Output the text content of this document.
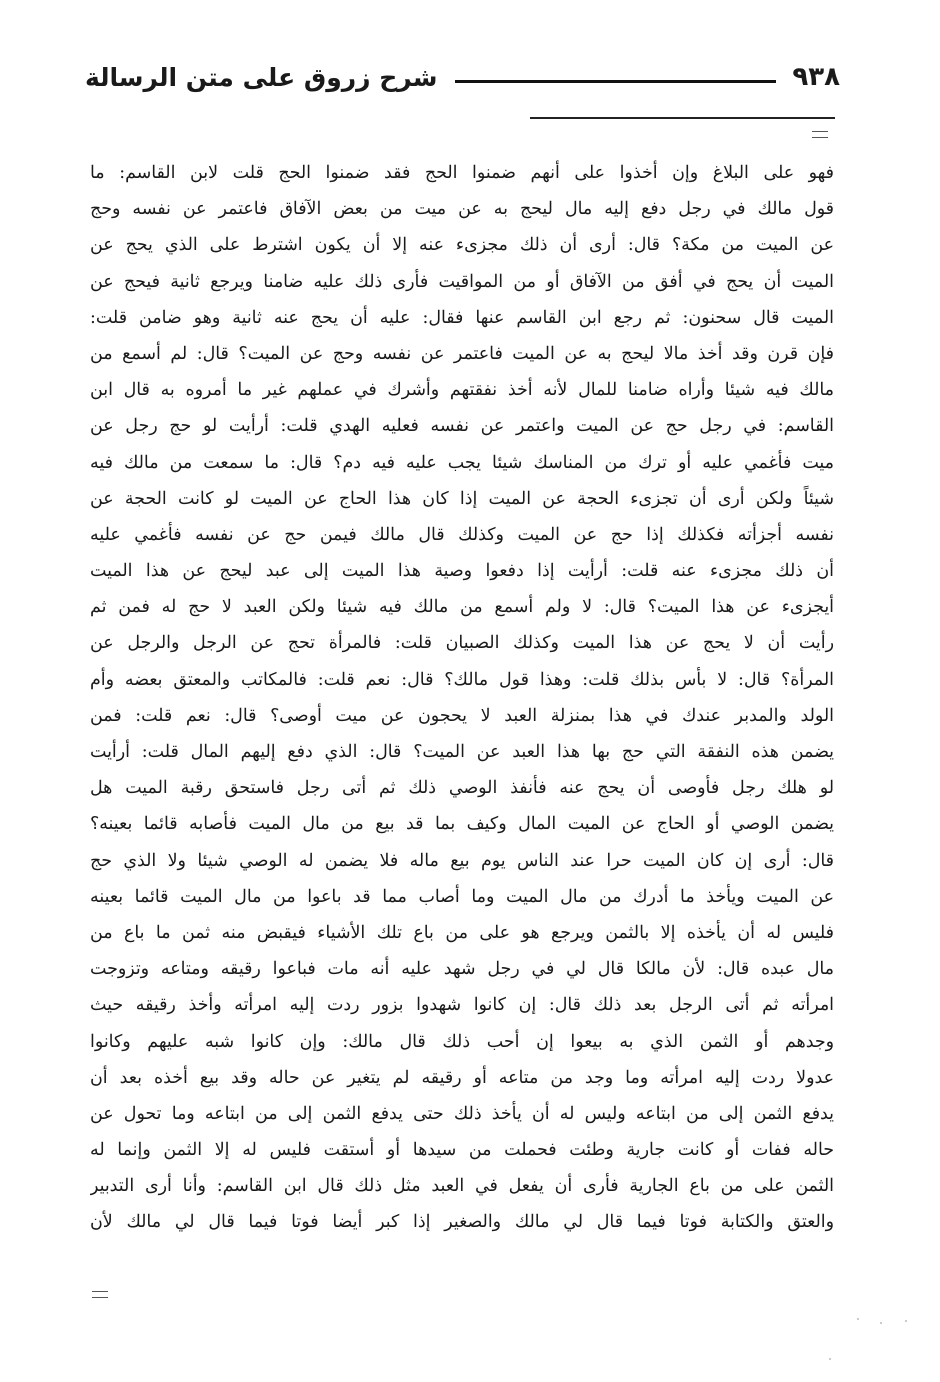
شرح زروق على متن الرسالة	٩٣٨
فهو على البلاغ وإن أخذوا على أنهم ضمنوا الحج فقد ضمنوا الحج قلت لابن القاسم: ما
قول مالك في رجل دفع إليه مال ليحج به عن ميت من بعض الآفاق فاعتمر عن نفسه وحج
عن الميت من مكة؟ قال: أرى أن ذلك مجزىء عنه إلا أن يكون اشترط على الذي يحج عن
الميت أن يحج في أفق من الآفاق أو من المواقيت فأرى ذلك عليه ضامنا ويرجع ثانية فيحج عن
الميت قال سحنون: ثم رجع ابن القاسم عنها فقال: عليه أن يحج عنه ثانية وهو ضامن قلت:
فإن قرن وقد أخذ مالا ليحج به عن الميت فاعتمر عن نفسه وحج عن الميت؟ قال: لم أسمع من
مالك فيه شيئا وأراه ضامنا للمال لأنه أخذ نفقتهم وأشرك في عملهم غير ما أمروه به قال ابن
القاسم: في رجل حج عن الميت واعتمر عن نفسه فعليه الهدي قلت: أرأيت لو حج رجل عن
ميت فأغمي عليه أو ترك من المناسك شيئا يجب عليه فيه دم؟ قال: ما سمعت من مالك فيه
شيئاً ولكن أرى أن تجزىء الحجة عن الميت إذا كان هذا الحاج عن الميت لو كانت الحجة عن
نفسه أجزأته فكذلك إذا حج عن الميت وكذلك قال مالك فيمن حج عن نفسه فأغمي عليه
أن ذلك مجزىء عنه قلت: أرأيت إذا دفعوا وصية هذا الميت إلى عبد ليحج عن هذا الميت
أيجزىء عن هذا الميت؟ قال: لا ولم أسمع من مالك فيه شيئا ولكن العبد لا حج له فمن ثم
رأيت أن لا يحج عن هذا الميت وكذلك الصبيان قلت: فالمرأة تحج عن الرجل والرجل عن
المرأة؟ قال: لا بأس بذلك قلت: وهذا قول مالك؟ قال: نعم قلت: فالمكاتب والمعتق بعضه وأم
الولد والمدبر عندك في هذا بمنزلة العبد لا يحجون عن ميت أوصى؟ قال: نعم قلت: فمن
يضمن هذه النفقة التي حج بها هذا العبد عن الميت؟ قال: الذي دفع إليهم المال قلت: أرأيت
لو هلك رجل فأوصى أن يحج عنه فأنفذ الوصي ذلك ثم أتى رجل فاستحق رقبة الميت هل
يضمن الوصي أو الحاج عن الميت المال وكيف بما قد بيع من مال الميت فأصابه قائما بعينه؟
قال: أرى إن كان الميت حرا عند الناس يوم بيع ماله فلا يضمن له الوصي شيئا ولا الذي حج
عن الميت ويأخذ ما أدرك من مال الميت وما أصاب مما قد باعوا من مال الميت قائما بعينه
فليس له أن يأخذه إلا بالثمن ويرجع هو على من باع تلك الأشياء فيقبض منه ثمن ما باع من
مال عبده قال: لأن مالكا قال لي في رجل شهد عليه أنه مات فباعوا رقيقه ومتاعه وتزوجت
امرأته ثم أتى الرجل بعد ذلك قال: إن كانوا شهدوا بزور ردت إليه امرأته وأخذ رقيقه حيث
وجدهم أو الثمن الذي به بيعوا إن أحب ذلك قال مالك: وإن كانوا شبه عليهم وكانوا
عدولا ردت إليه امرأته وما وجد من متاعه أو رقيقه لم يتغير عن حاله وقد بيع أخذه بعد أن
يدفع الثمن إلى من ابتاعه وليس له أن يأخذ ذلك حتى يدفع الثمن إلى من ابتاعه وما تحول عن
حاله ففات أو كانت جارية وطئت فحملت من سيدها أو أستقت فليس له إلا الثمن وإنما له
الثمن على من باع الجارية فأرى أن يفعل في العبد مثل ذلك قال ابن القاسم: وأنا أرى التدبير
والعتق والكتابة فوتا فيما قال لي مالك والصغير إذا كبر أيضا فوتا فيما قال لي مالك لأن
